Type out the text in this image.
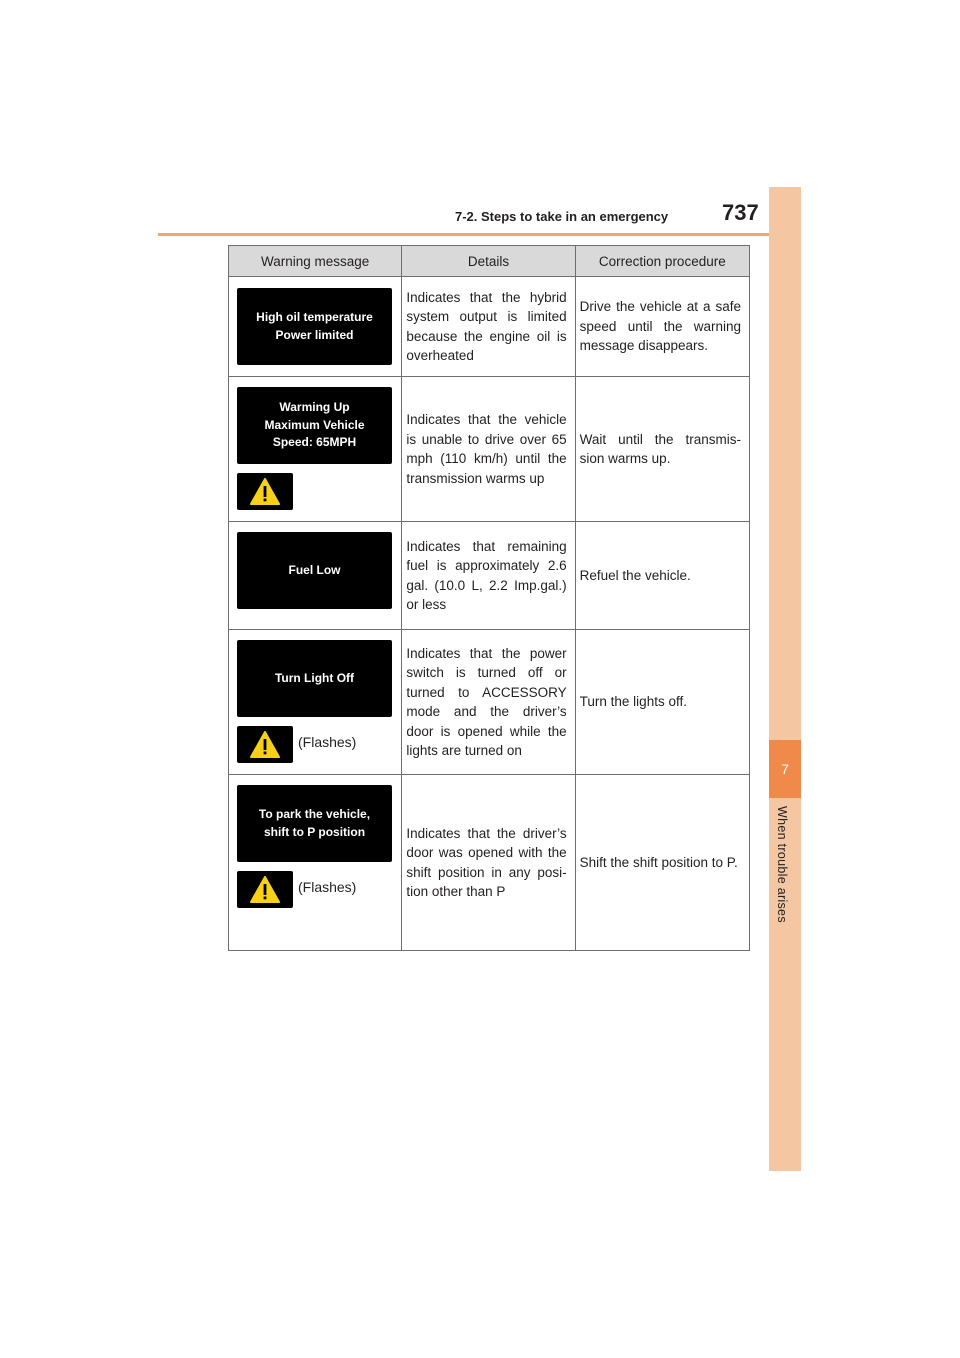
7-2. Steps to take in an emergency 737
7
When trouble arises
Warning message	Details	Correction procedure

High oil temperature
Power limited	Indicates that the hybrid system output is limited because the engine oil is overheated	Drive the vehicle at a safe speed until the warning message disappears.

Warming Up
Maximum Vehicle
Speed: 65MPH	Indicates that the vehicle is unable to drive over 65 mph (110 km/h) until the transmission warms up	Wait until the transmis-sion warms up.

Fuel Low	Indicates that remaining fuel is approximately 2.6 gal. (10.0 L, 2.2 Imp.gal.) or less	Refuel the vehicle.

Turn Light Off
(Flashes)	Indicates that the power switch is turned off or turned to ACCESSORY mode and the driver’s door is opened while the lights are turned on	Turn the lights off.

To park the vehicle,
shift to P position
(Flashes)	Indicates that the driver’s door was opened with the shift position in any posi-tion other than P	Shift the shift position to P.
